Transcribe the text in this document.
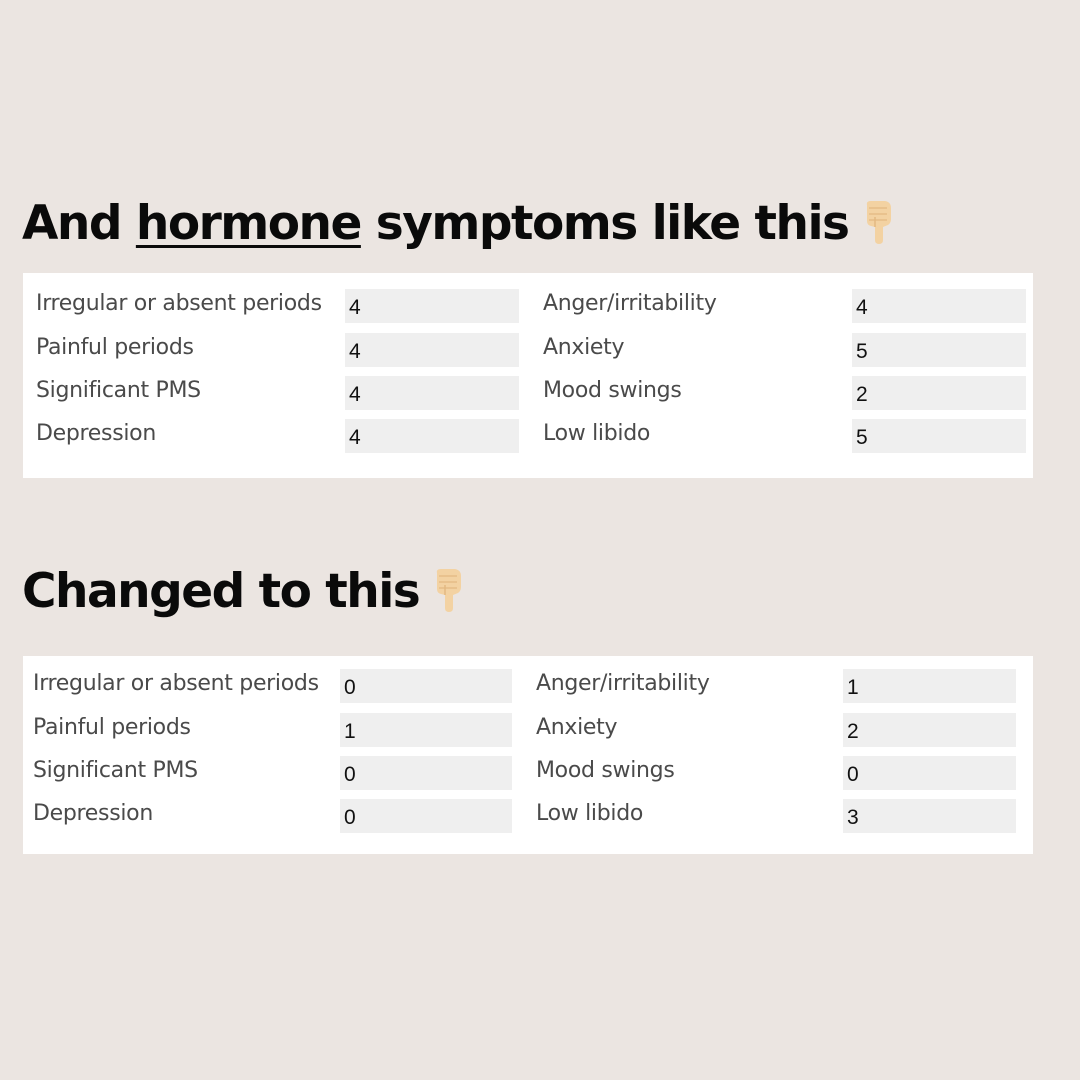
And hormone symptoms like this
Irregular or absent periods 4	Anger/irritability	4
Painful periods	4	Anxiety	5
Significant PMS	4	Mood swings	2
Depression	4	Low libido	5
Changed to this
Irregular or absent periods 0	Anger/irritability	1
Painful periods	1	Anxiety	2
Significant PMS	0	Mood swings	0
Depression	0	Low libido	3
